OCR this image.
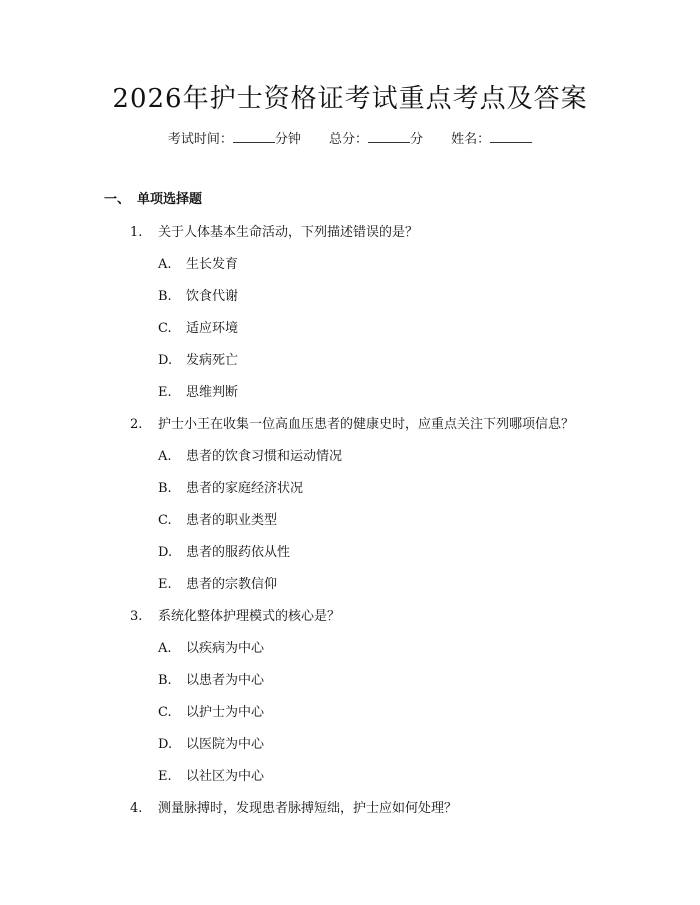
2026年护士资格证考试重点考点及答案
考试时间：	分钟 总分：	分 姓名：
一、 单项选择题
1. 关于人体基本生命活动，下列描述错误的是？
A. 生长发育
B. 饮食代谢
C. 适应环境
D. 发病死亡
E. 思维判断
2. 护士小王在收集一位高血压患者的健康史时，应重点关注下列哪项信息？
A. 患者的饮食习惯和运动情况
B. 患者的家庭经济状况
C. 患者的职业类型
D. 患者的服药依从性
E. 患者的宗教信仰
3. 系统化整体护理模式的核心是？
A. 以疾病为中心
B. 以患者为中心
C. 以护士为中心
D. 以医院为中心
E. 以社区为中心
4. 测量脉搏时，发现患者脉搏短绌，护士应如何处理？
